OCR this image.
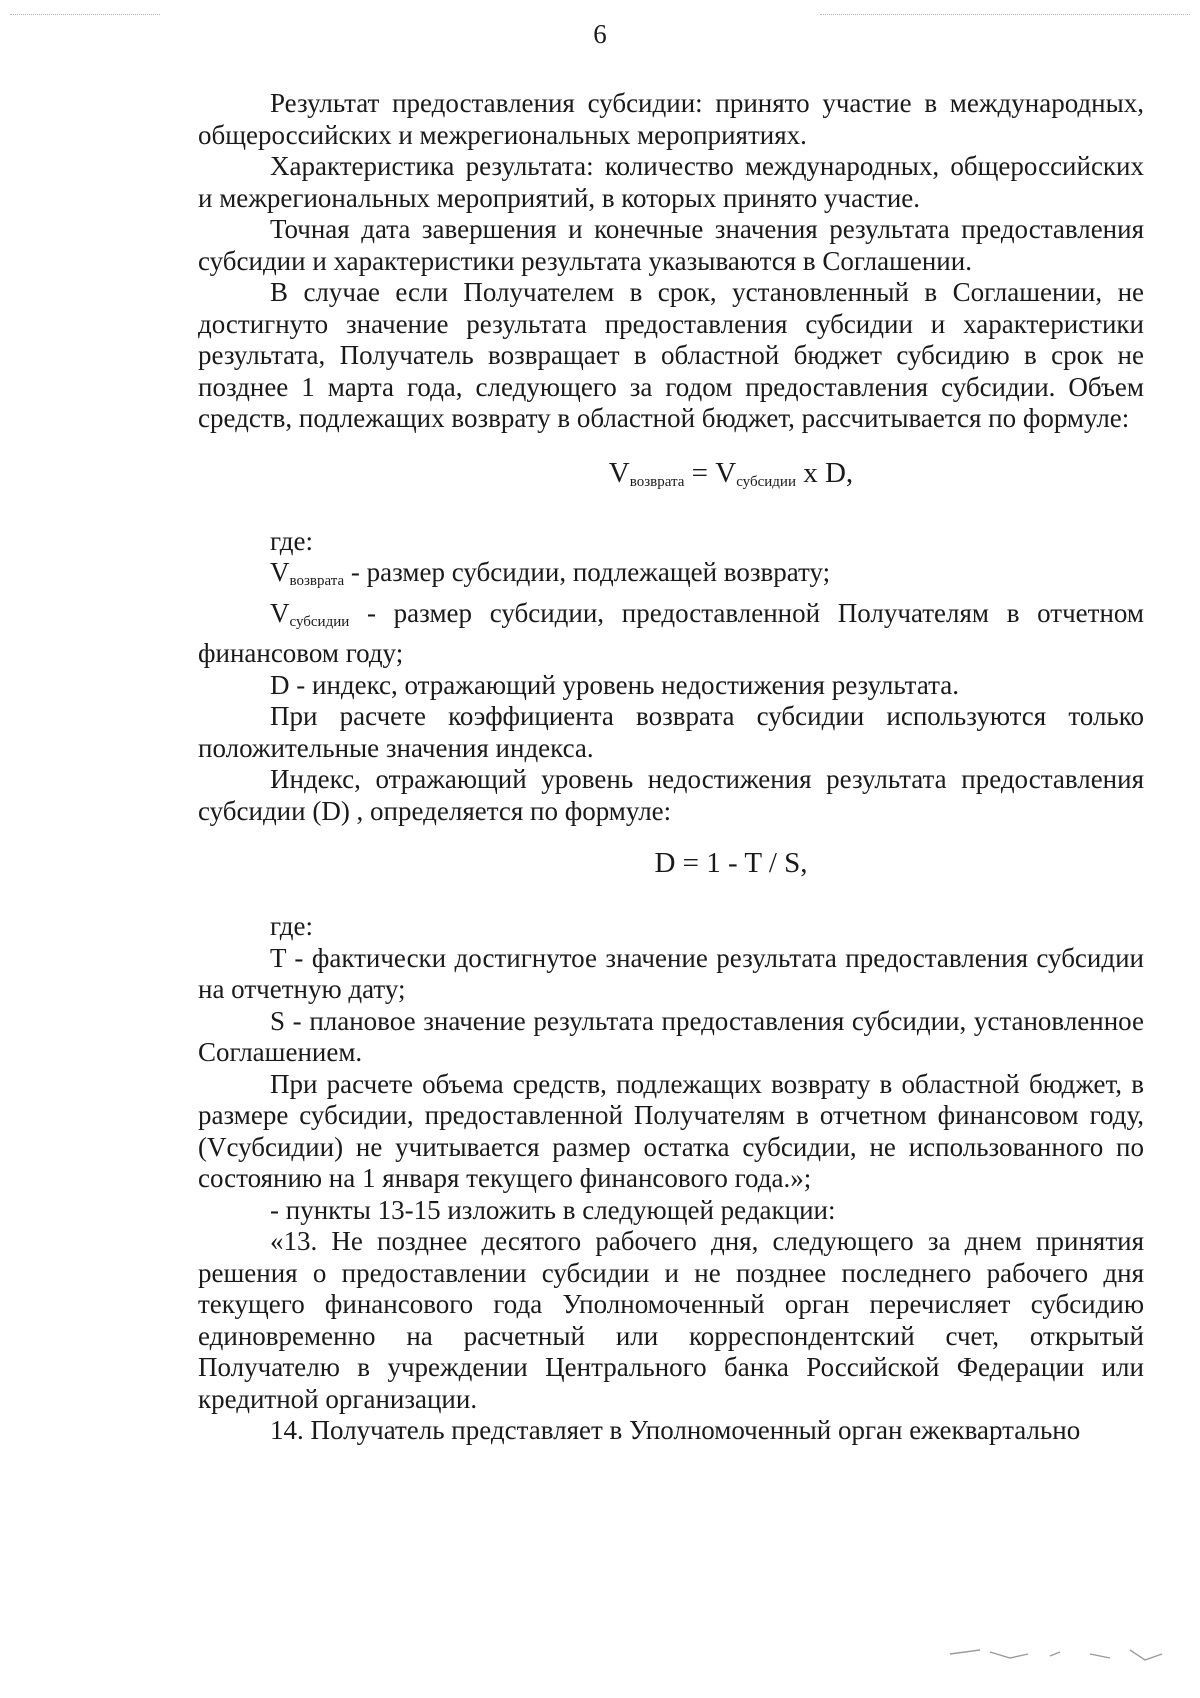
6

Результат предоставления субсидии: принято участие в международных, общероссийских и межрегиональных мероприятиях.

Характеристика результата: количество международных, общероссийских и межрегиональных мероприятий, в которых принято участие.

Точная дата завершения и конечные значения результата предоставления субсидии и характеристики результата указываются в Соглашении.

В случае если Получателем в срок, установленный в Соглашении, не достигнуто значение результата предоставления субсидии и характеристики результата, Получатель возвращает в областной бюджет субсидию в срок не позднее 1 марта года, следующего за годом предоставления субсидии. Объем средств, подлежащих возврату в областной бюджет, рассчитывается по формуле:

$V_{возврата} = V_{субсидии}$ x D,

где:

$V_{возврата}$ - размер субсидии, подлежащей возврату;

$V_{субсидии}$ - размер субсидии, предоставленной Получателям в отчетном финансовом году;

D - индекс, отражающий уровень недостижения результата.

При расчете коэффициента возврата субсидии используются только положительные значения индекса.

Индекс, отражающий уровень недостижения результата предоставления субсидии (D) , определяется по формуле:

D = 1 - T / S,

где:

T - фактически достигнутое значение результата предоставления субсидии на отчетную дату;

S - плановое значение результата предоставления субсидии, установленное Соглашением.

При расчете объема средств, подлежащих возврату в областной бюджет, в размере субсидии, предоставленной Получателям в отчетном финансовом году, (Vсубсидии) не учитывается размер остатка субсидии, не использованного по состоянию на 1 января текущего финансового года.»;

- пункты 13-15 изложить в следующей редакции:

«13. Не позднее десятого рабочего дня, следующего за днем принятия решения о предоставлении субсидии и не позднее последнего рабочего дня текущего финансового года Уполномоченный орган перечисляет субсидию единовременно на расчетный или корреспондентский счет, открытый Получателю в учреждении Центрального банка Российской Федерации или кредитной организации.

14. Получатель представляет в Уполномоченный орган ежеквартально
